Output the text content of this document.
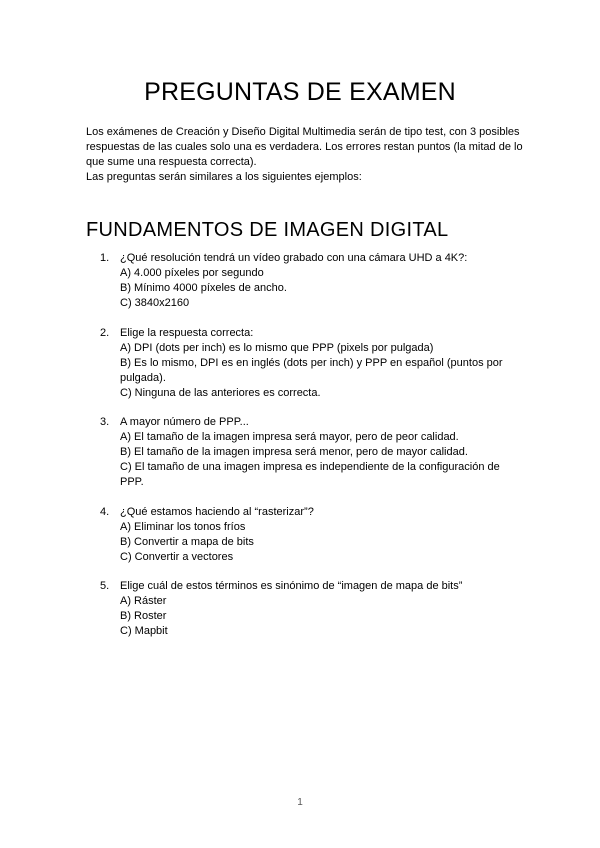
PREGUNTAS DE EXAMEN

Los exámenes de Creación y Diseño Digital Multimedia serán de tipo test, con 3 posibles respuestas de las cuales solo una es verdadera. Los errores restan puntos (la mitad de lo que sume una respuesta correcta).

Las preguntas serán similares a los siguientes ejemplos:

FUNDAMENTOS DE IMAGEN DIGITAL
1. ¿Qué resolución tendrá un vídeo grabado con una cámara UHD a 4K?:
A) 4.000 píxeles por segundo
B) Mínimo 4000 píxeles de ancho.
C) 3840x2160
2. Elige la respuesta correcta:
A) DPI (dots per inch) es lo mismo que PPP (pixels por pulgada)
B) Es lo mismo, DPI es en inglés (dots per inch) y PPP en español (puntos por pulgada).
C) Ninguna de las anteriores es correcta.
3. A mayor número de PPP...
A) El tamaño de la imagen impresa será mayor, pero de peor calidad.
B) El tamaño de la imagen impresa será menor, pero de mayor calidad.
C) El tamaño de una imagen impresa es independiente de la configuración de PPP.
4. ¿Qué estamos haciendo al “rasterizar”?
A) Eliminar los tonos fríos
B) Convertir a mapa de bits
C) Convertir a vectores
5. Elige cuál de estos términos es sinónimo de “imagen de mapa de bits”
A) Ráster
B) Roster
C) Mapbit
1
